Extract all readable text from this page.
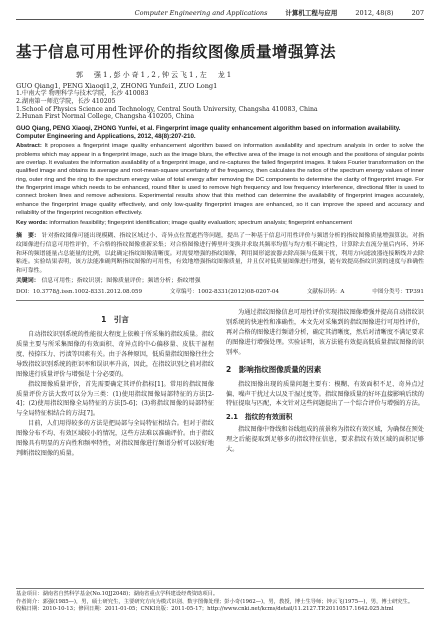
Computer Engineering and Applications	计算机工程与应用	2012, 48(8)	207
基于信息可用性评价的指纹图像质量增强算法
郭　强1,彭小奇1,2,钟云飞1,左　龙1
GUO Qiang1, PENG Xiaoqi1,2, ZHONG Yunfei1, ZUO Long1
1.中南大学 物理科学与技术学院，长沙 410083
2.湖南第一师范学院，长沙 410205
1.School of Physics Science and Technology, Central South University, Changsha 410083, China
2.Hunan First Normal College, Changsha 410205, China
GUO Qiang, PENG Xiaoqi, ZHONG Yunfei, et al. Fingerprint image quality enhancement algorithm based on information availability. Computer Engineering and Applications, 2012, 48(8):207-210.
Abstract: It proposes a fingerprint image quality enhancement algorithm based on information availability and spectrum analysis in order to solve the problems which may appear in a fingerprint image, such as the image blurs, the effective area of the image is not enough and the positions of singular points are overlap. It evaluates the information availability of a fingerprint image, and re-captures the failed fingerprint images. It takes Fourier transformation on the qualified image and obtains its average and root-mean-square uncertainty of the frequency, then calculates the ratios of the spectrum energy values of inner ring, outer ring and the ring to the spectrum energy value of total energy after removing the DC components to determine the clarity of fingerprint image. For the fingerprint image which needs to be enhanced, round filter is used to remove high frequency and low frequency interference, directional filter is used to connect broken lines and remove adhesions. Experimental results show that this method can determine the availability of fingerprint images accurately, enhance the fingerprint image quality effectively, and only low-quality fingerprint images are enhanced, so it can improve the speed and accuracy and reliability of the fingerprint recognition effectively.
Key words: information feasibility; fingerprint identification; image quality evaluation; spectrum analysis; fingerprint enhancement
摘　要： 针对指纹图像可能出现模糊、指纹区域过小、奇异点位置遮挡等问题，提出了一种基于信息可用性评价与频谱分析的指纹图像质量增强算法。对指纹图像进行信息可用性评价，不合格的指纹图像重新采集；对合格图像进行傅里叶变换并求取其频率均值与均方根不确定性，计算除去直流分量后内环、外环和环的频谱能量占总能量的比例，以此确定指纹图像清晰度。对需要增强的指纹图像，利用圆形滤波器去除高频与低频干扰，利用方向滤波器连接断线并去除粘连。实验结果表明，该方法能准确判断指纹图像的可用性，有效地增强指纹图像质量，并且仅对低质量图像进行增强，能有效提高指纹识别的速度与准确性和可靠性。
关键词： 信息可用性；指纹识别；图像质量评价；频谱分析；指纹增强
DOI：10.3778/j.issn.1002-8331.2012.08.059	文章编号：1002-8331(2012)08-0207-04	文献标识码：A	中图分类号：TP391
1　引言

自动指纹识别系统的性能很大程度上依赖于所采集的指纹质量。指纹质量主要与所采集图像的有效面积、奇异点的中心偏移量、皮肤干湿程度、按捺压力、污渍等因素有关。由于各种原因，低质量指纹图像往往会导致指纹识别系统的拒识率和误识率升高，因此，在指纹识别之前对指纹图像进行质量评价与增强是十分必要的。

指纹图像质量评价，首先需要确定其评价指标[1]。常用的指纹图像质量评价方法大致可以分为三类：(1)使用指纹图像局部特征的方法[2-4]；(2)使用指纹图像全局特征的方法[5-6]；(3)将指纹图像的局部特征与全局特征相结合的方法[7]。

目前，人们用得较多的方法是把局部与全局特征相结合。但对于指纹图像分布不均、有效区域较小的情况，这些方法难以准确评价。由于指纹图像具有明显的方向性和频率特性，对指纹图像进行频谱分析可以较好地判断指纹图像的质量。

为通过指纹图像信息可用性评价实现指纹图像增强并提高自动指纹识别系统的快速性和准确性，本文先对采集到的指纹图像进行可用性评价，再对合格的图像进行频谱分析，确定其清晰度，然后对清晰度不满足要求的图像进行增强处理。实验证明，该方法能有效提高低质量指纹图像的识别率。

2　影响指纹图像质量的因素

指纹图像出现的质量问题主要有：模糊、有效面积不足、奇异点过偏、噪声干扰过大以及干湿过度等。指纹图像质量的好坏直接影响后续的特征提取与匹配，本文针对这些问题提出了一个综合评价与增强的方法。

2.1　指纹的有效面积

指纹图像中脊线和谷线组成的前景称为指纹有效区域，为确保在预处理之后能提取到足够多的指纹特征信息，要求指纹有效区域的面积足够大。

基金项目：湖南省自然科学基金(No.10JJ2048)；湖南省重点学科建设经费资助项目。
作者简介：郭强(1985—)，男，硕士研究生，主要研究方向为模式识别、数字图像处理；彭小奇(1962—)，男，教授，博士生导师；钟云飞(1975—)，男，博士研究生。
收稿日期：2010-10-13；修回日期：2011-01-05；CNKI出版：2011-05-17；http://www.cnki.net/kcms/detail/11.2127.TP.20110517.1642.025.html
